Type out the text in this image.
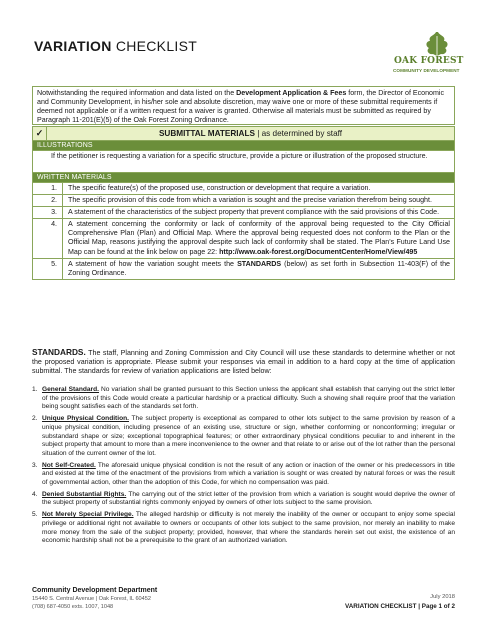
VARIATION CHECKLIST
OAK FOREST
COMMUNITY DEVELOPMENT
Notwithstanding the required information and data listed on the Development Application & Fees form, the Director of Economic and Community Development, in his/her sole and absolute discretion, may waive one or more of these submittal requirements if deemed not applicable or if a written request for a waiver is granted. Otherwise all materials must be submitted as required by Paragraph 11-201(E)(5) of the Oak Forest Zoning Ordinance.
✓	SUBMITTAL MATERIALS | as determined by staff
ILLUSTRATIONS
If the petitioner is requesting a variation for a specific structure, provide a picture or illustration of the proposed structure.
WRITTEN MATERIALS
1.	The specific feature(s) of the proposed use, construction or development that require a variation.
2.	The specific provision of this code from which a variation is sought and the precise variation therefrom being sought.
3.	A statement of the characteristics of the subject property that prevent compliance with the said provisions of this Code.
4.	A statement concerning the conformity or lack of conformity of the approval being requested to the City Official Comprehensive Plan (Plan) and Official Map. Where the approval being requested does not conform to the Plan or the Official Map, reasons justifying the approval despite such lack of conformity shall be stated. The Plan's Future Land Use Map can be found at the link below on page 22: http://www.oak-forest.org/DocumentCenter/Home/View/495
5.	A statement of how the variation sought meets the STANDARDS (below) as set forth in Subsection 11-403(F) of the Zoning Ordinance.
STANDARDS. The staff, Planning and Zoning Commission and City Council will use these standards to determine whether or not the proposed variation is appropriate. Please submit your responses via email in addition to a hard copy at the time of application submittal. The standards for review of variation applications are listed below:
1. General Standard. No variation shall be granted pursuant to this Section unless the applicant shall establish that carrying out the strict letter of the provisions of this Code would create a particular hardship or a practical difficulty. Such a showing shall require proof that the variation being sought satisfies each of the standards set forth.
2. Unique Physical Condition. The subject property is exceptional as compared to other lots subject to the same provision by reason of a unique physical condition, including presence of an existing use, structure or sign, whether conforming or nonconforming; irregular or substandard shape or size; exceptional topographical features; or other extraordinary physical conditions peculiar to and inherent in the subject property that amount to more than a mere inconvenience to the owner and that relate to or arise out of the lot rather than the personal situation of the current owner of the lot.
3. Not Self-Created. The aforesaid unique physical condition is not the result of any action or inaction of the owner or his predecessors in title and existed at the time of the enactment of the provisions from which a variation is sought or was created by natural forces or was the result of governmental action, other than the adoption of this Code, for which no compensation was paid.
4. Denied Substantial Rights. The carrying out of the strict letter of the provision from which a variation is sought would deprive the owner of the subject property of substantial rights commonly enjoyed by owners of other lots subject to the same provision.
5. Not Merely Special Privilege. The alleged hardship or difficulty is not merely the inability of the owner or occupant to enjoy some special privilege or additional right not available to owners or occupants of other lots subject to the same provision, nor merely an inability to make more money from the sale of the subject property; provided, however, that where the standards herein set out exist, the existence of an economic hardship shall not be a prerequisite to the grant of an authorized variation.
Community Development Department
15440 S. Central Avenue | Oak Forest, IL 60452
(708) 687-4050 exts. 1007, 1048
July 2018
VARIATION CHECKLIST | Page 1 of 2
